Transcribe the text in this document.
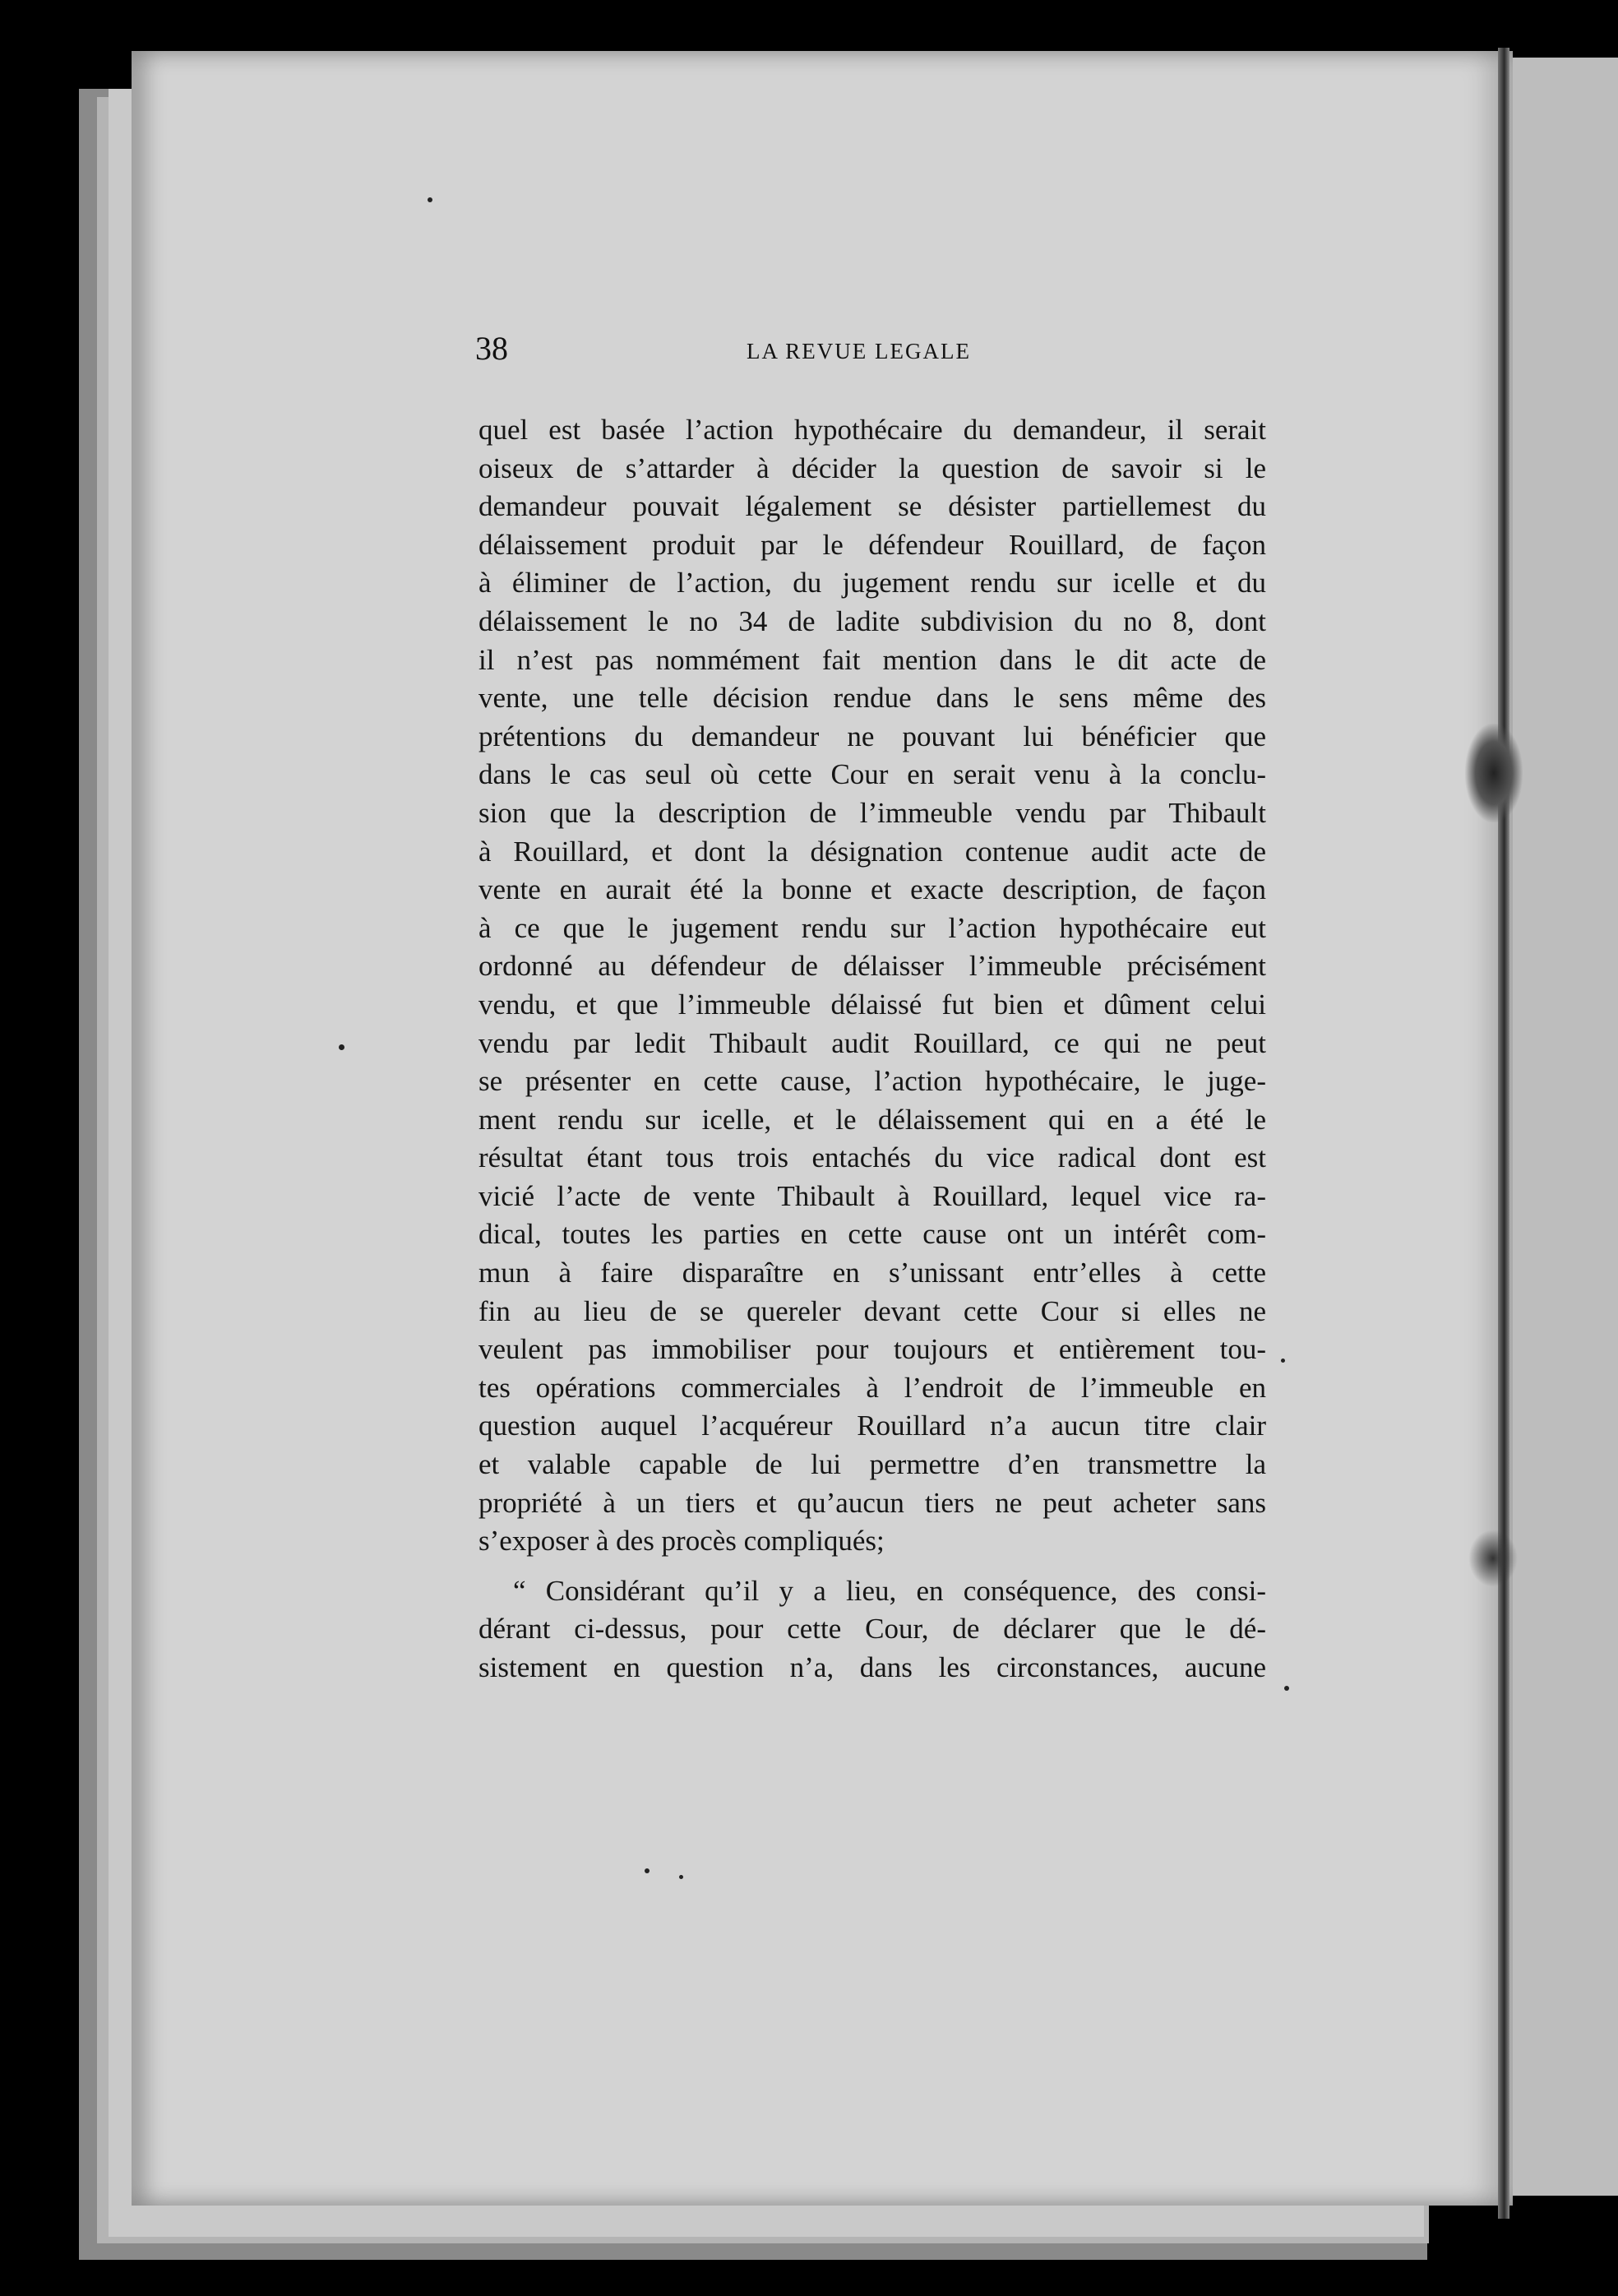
38	LA REVUE LEGALE
quel est basée l’action hypothécaire du demandeur, il serait
oiseux de s’attarder à décider la question de savoir si le
demandeur pouvait légalement se désister partiellemest du
délaissement produit par le défendeur Rouillard, de façon
à éliminer de l’action, du jugement rendu sur icelle et du
délaissement le no 34 de ladite subdivision du no 8, dont
il n’est pas nommément fait mention dans le dit acte de
vente, une telle décision rendue dans le sens même des
prétentions du demandeur ne pouvant lui bénéficier que
dans le cas seul où cette Cour en serait venu à la conclu-
sion que la description de l’immeuble vendu par Thibault
à Rouillard, et dont la désignation contenue audit acte de
vente en aurait été la bonne et exacte description, de façon
à ce que le jugement rendu sur l’action hypothécaire eut
ordonné au défendeur de délaisser l’immeuble précisément
vendu, et que l’immeuble délaissé fut bien et dûment celui
vendu par ledit Thibault audit Rouillard, ce qui ne peut
se présenter en cette cause, l’action hypothécaire, le juge-
ment rendu sur icelle, et le délaissement qui en a été le
résultat étant tous trois entachés du vice radical dont est
vicié l’acte de vente Thibault à Rouillard, lequel vice ra-
dical, toutes les parties en cette cause ont un intérêt com-
mun à faire disparaître en s’unissant entr’elles à cette
fin au lieu de se quereler devant cette Cour si elles ne
veulent pas immobiliser pour toujours et entièrement tou-
tes opérations commerciales à l’endroit de l’immeuble en
question auquel l’acquéreur Rouillard n’a aucun titre clair
et valable capable de lui permettre d’en transmettre la
propriété à un tiers et qu’aucun tiers ne peut acheter sans
s’exposer à des procès compliqués;
“ Considérant qu’il y a lieu, en conséquence, des consi-
dérant ci-dessus, pour cette Cour, de déclarer que le dé-
sistement en question n’a, dans les circonstances, aucune
